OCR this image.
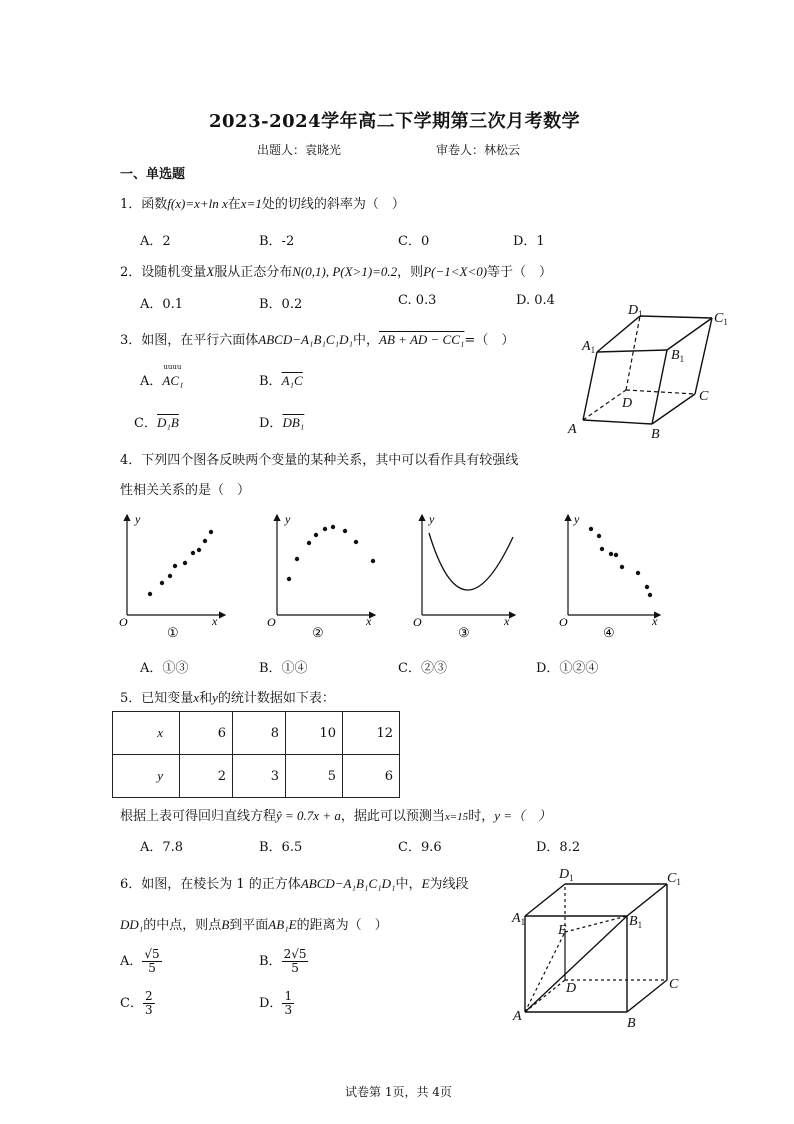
2023-2024学年高二下学期第三次月考数学
出题人：袁晓光	审卷人：林松云
一、单选题
1．函数f(x)=x+ln x在x=1处的切线的斜率为（　）
A．2	B．-2	C．0	D．1
2．设随机变量X服从正态分布N(0,1), P(X>1)=0.2，则P(−1<X<0)等于（　）
A．0.1	B．0.2	C. 0.3	D. 0.4
3．如图，在平行六面体ABCD−A₁B₁C₁D₁中，AB + AD − CC₁=（　）
A．
uuuu
AC₁	B．A₁C
C．D₁B	D．DB₁	A	B
C
D
$A_1$	$B_1$
$C_1$
$D_1$
4．下列四个图各反映两个变量的某种关系，其中可以看作具有较强线
性相关关系的是（　）
y
x
O
①
y
x
O
②
y
x
O
③
y
x
O
④
A．①③	B．①④	C．②③	D．①②④
5．已知变量x和y的统计数据如下表：
x	6	8	10	12
y	2	3	5	6
根据上表可得回归直线方程ŷ = 0.7x + a，据此可以预测当x=15时，y =（　）
A．7.8	B．6.5	C．9.6	D．8.2
6．如图，在棱长为 1 的正方体ABCD−A₁B₁C₁D₁中，E为线段
DD₁的中点，则点B到平面AB₁E的距离为（　）
A． $\frac{√5}{5}$	B． $\frac{2√5}{5}$
C． $\frac{2}{3}$	D． $\frac{1}{3}$	A	B
C
D
E
$A_1$	$B_1$
$C_1$
$D_1$
试卷第 1页，共 4页
